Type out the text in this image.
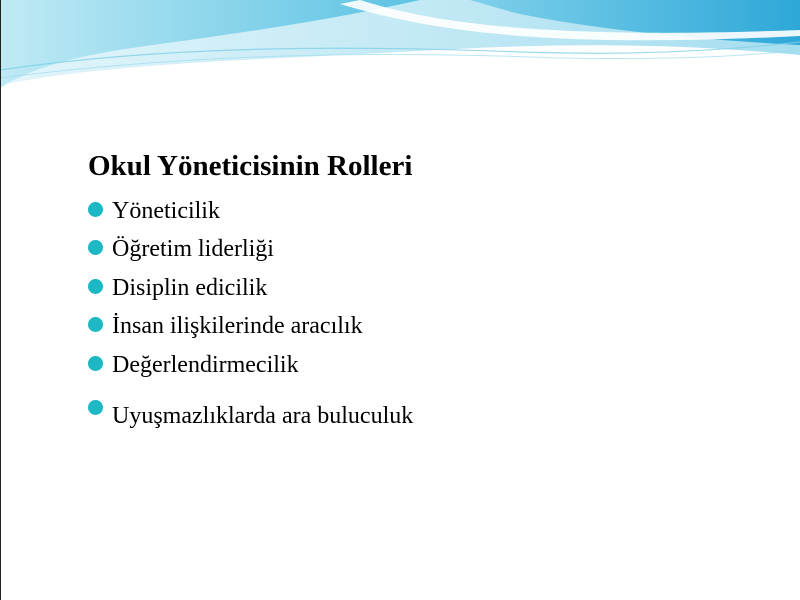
Okul Yöneticisinin Rolleri
Yöneticilik
Öğretim liderliği
Disiplin edicilik
İnsan ilişkilerinde aracılık
Değerlendirmecilik
Uyuşmazlıklarda ara buluculuk
